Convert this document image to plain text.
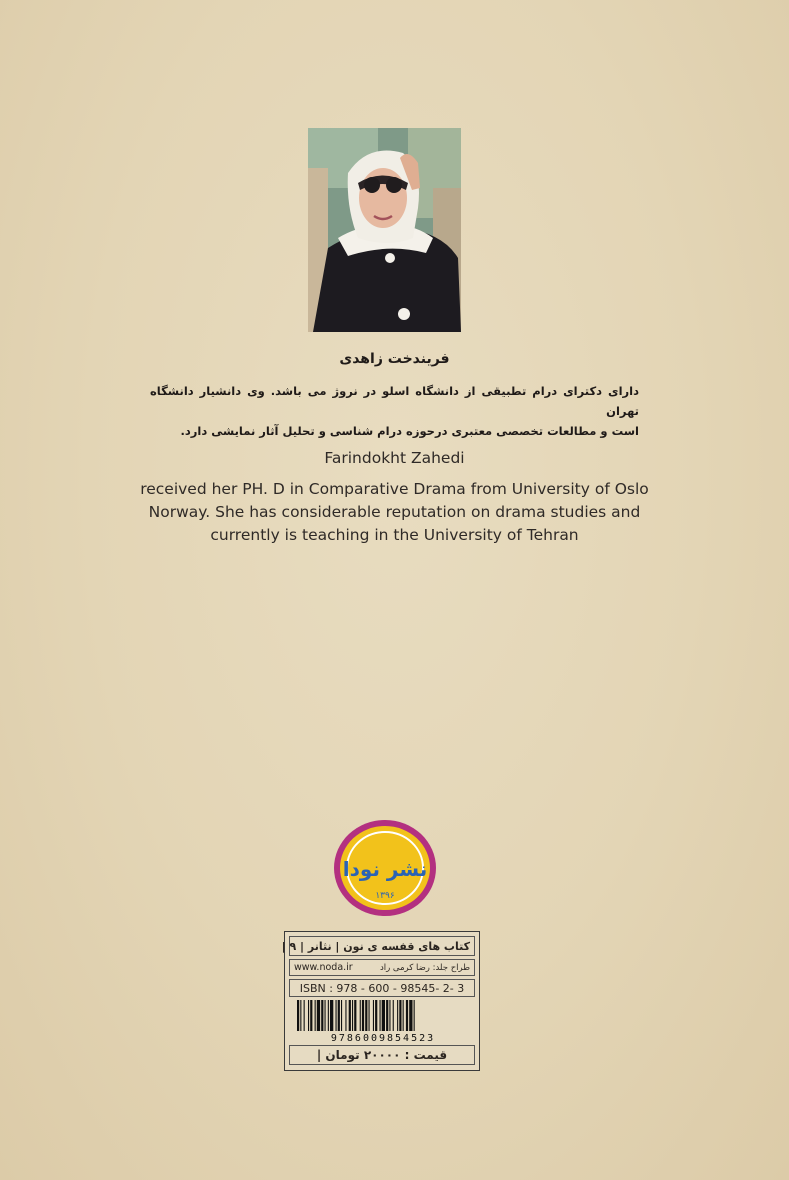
فریندخت زاهدی
دارای دکترای درام تطبیقی از دانشگاه اسلو در نروژ می باشد. وی دانشیار دانشگاه تهران
است و مطالعات تخصصی معتبری درحوزه درام شناسی و تحلیل آثار نمایشی دارد.
Farindokht Zahedi
received her PH. D in Comparative Drama from University of Oslo
Norway. She has considerable reputation on drama studies and
currently is teaching in the University of Tehran
نشر نودا
۱۳۹۶
کتاب های قفسه ی نون | نثانر | ۹ |
www.noda.ir	طراح جلد: رضا کرمی راد
ISBN : 978 - 600 - 98545- 2- 3
9786009854523
قیمت : ۲۰۰۰۰ تومان |
